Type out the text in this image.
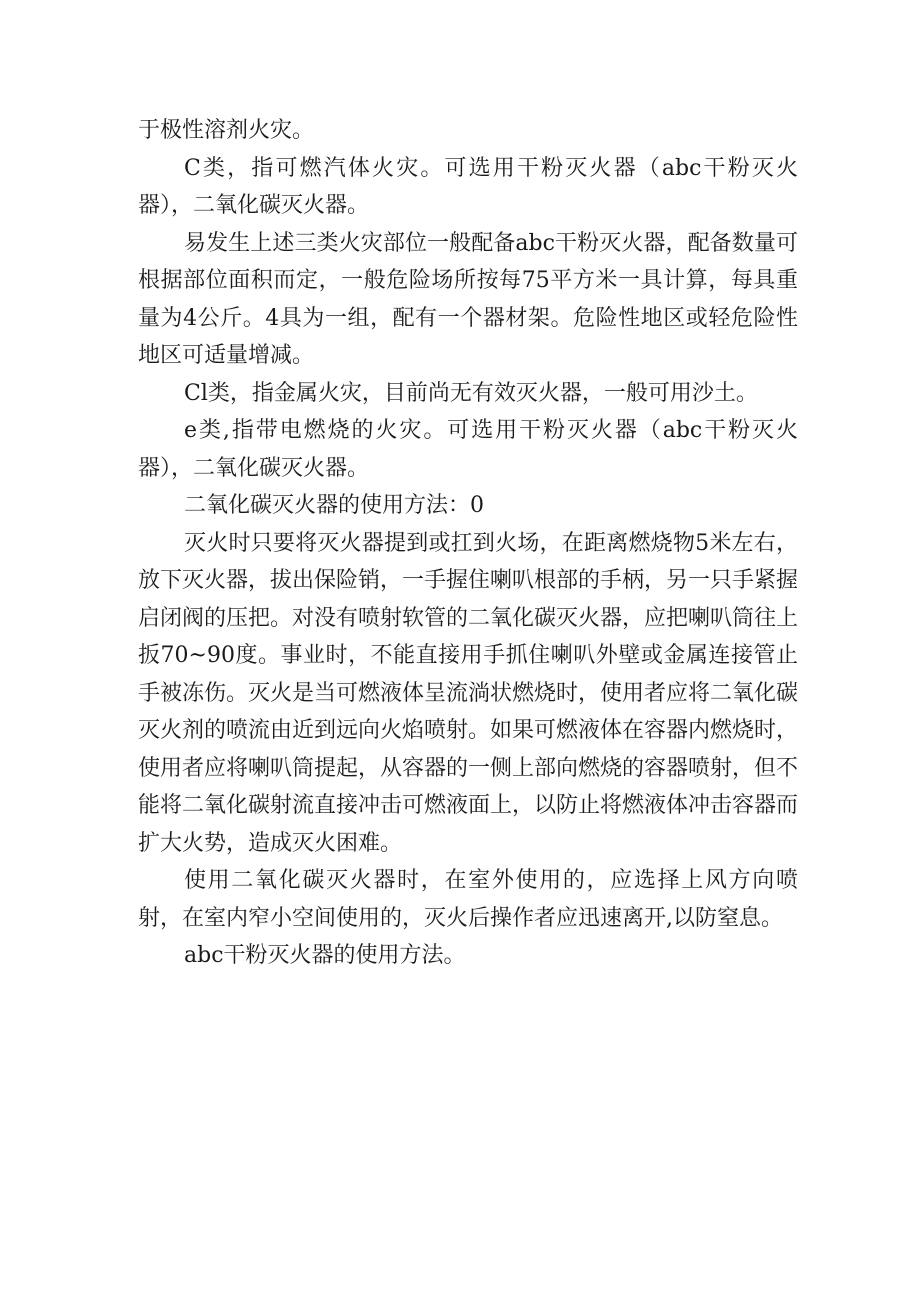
于极性溶剂火灾。

C类，指可燃汽体火灾。可选用干粉灭火器（abc干粉灭火器），二氧化碳灭火器。

易发生上述三类火灾部位一般配备abc干粉灭火器，配备数量可根据部位面积而定，一般危险场所按每75平方米一具计算，每具重量为4公斤。4具为一组，配有一个器材架。危险性地区或轻危险性地区可适量增减。

Cl类，指金属火灾，目前尚无有效灭火器，一般可用沙土。

e类,指带电燃烧的火灾。可选用干粉灭火器（abc干粉灭火器），二氧化碳灭火器。

二氧化碳灭火器的使用方法：0

灭火时只要将灭火器提到或扛到火场，在距离燃烧物5米左右，放下灭火器，拔出保险销，一手握住喇叭根部的手柄，另一只手紧握启闭阀的压把。对没有喷射软管的二氧化碳灭火器，应把喇叭筒往上扳70~90度。事业时，不能直接用手抓住喇叭外壁或金属连接管止手被冻伤。灭火是当可燃液体呈流淌状燃烧时，使用者应将二氧化碳灭火剂的喷流由近到远向火焰喷射。如果可燃液体在容器内燃烧时，使用者应将喇叭筒提起，从容器的一侧上部向燃烧的容器喷射，但不能将二氧化碳射流直接冲击可燃液面上，以防止将燃液体冲击容器而扩大火势，造成灭火困难。

使用二氧化碳灭火器时，在室外使用的，应选择上风方向喷射，在室内窄小空间使用的，灭火后操作者应迅速离开,以防窒息。

abc干粉灭火器的使用方法。
